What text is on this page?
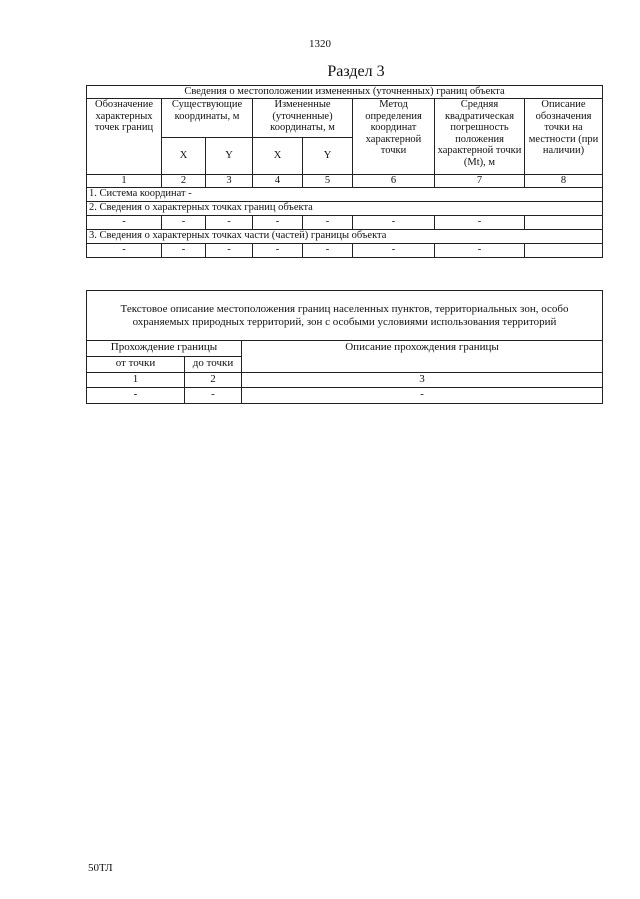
1320
Раздел 3
Сведения о местоположении измененных (уточненных) границ объекта							
Обозначение характерных точек границ	Существующие координаты, м		Измененные (уточненные) координаты, м		Метод определения координат характерной точки	Средняя квадратическая погрешность положения характерной точки (Mt), м	Описание обозначения точки на местности (при наличии)
	X	Y	X	Y			
1	2	3	4	5	6	7	8
1. Система координат -							
2. Сведения о характерных точках границ объекта							
-	-	-	-	-	-	-	
3. Сведения о характерных точках части (частей) границы объекта							
-	-	-	-	-	-	-	
Текстовое описание местоположения границ населенных пунктов, территориальных зон, особо охраняемых природных территорий, зон с особыми условиями использования территорий		
Прохождение границы		Описание прохождения границы
от точки	до точки	
1	2	3
-	-	-
50ТЛ
